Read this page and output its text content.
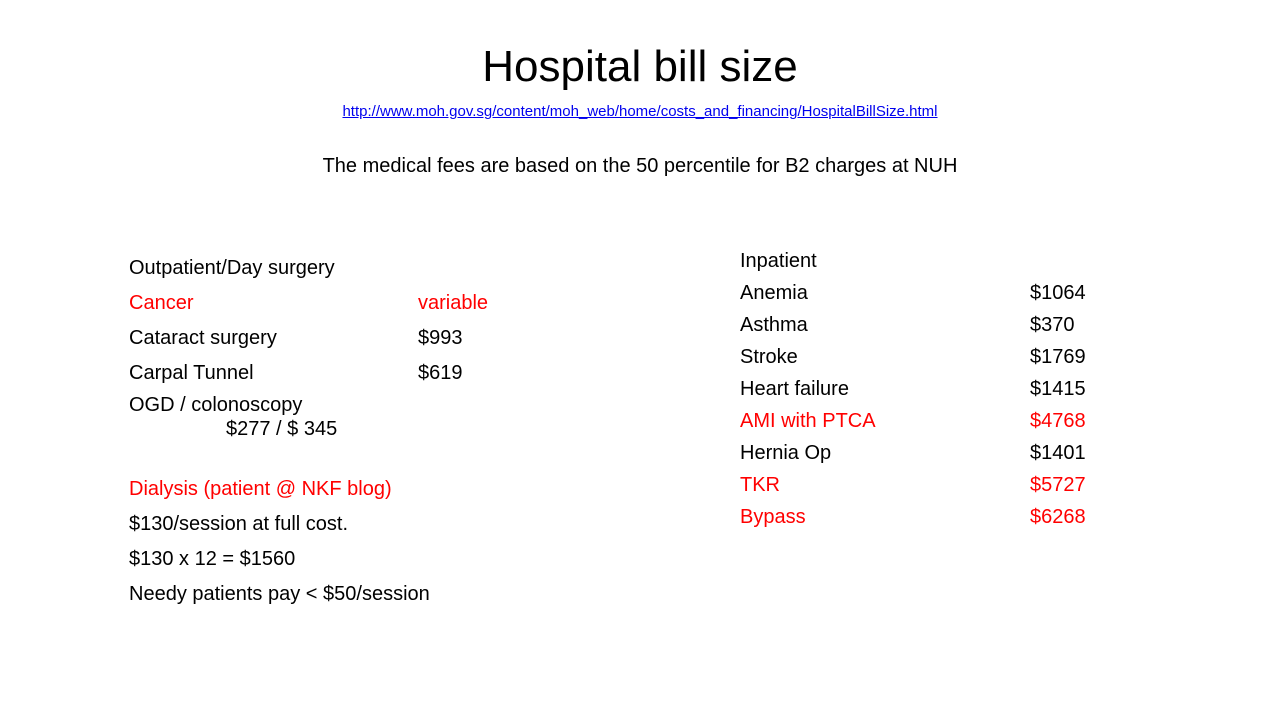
Hospital bill size
http://www.moh.gov.sg/content/moh_web/home/costs_and_financing/HospitalBillSize.html
The medical fees are based on the 50 percentile for B2 charges at NUH
Outpatient/Day surgery
Cancer	variable
Cataract surgery	$993
Carpal Tunnel	$619
OGD / colonoscopy
$277 / $ 345
Dialysis (patient @ NKF blog)
$130/session at full cost.
$130 x 12 = $1560
Needy patients pay < $50/session
Inpatient
Anemia	$1064
Asthma	$370
Stroke	$1769
Heart failure	$1415
AMI with PTCA	$4768
Hernia Op	$1401
TKR	$5727
Bypass	$6268
